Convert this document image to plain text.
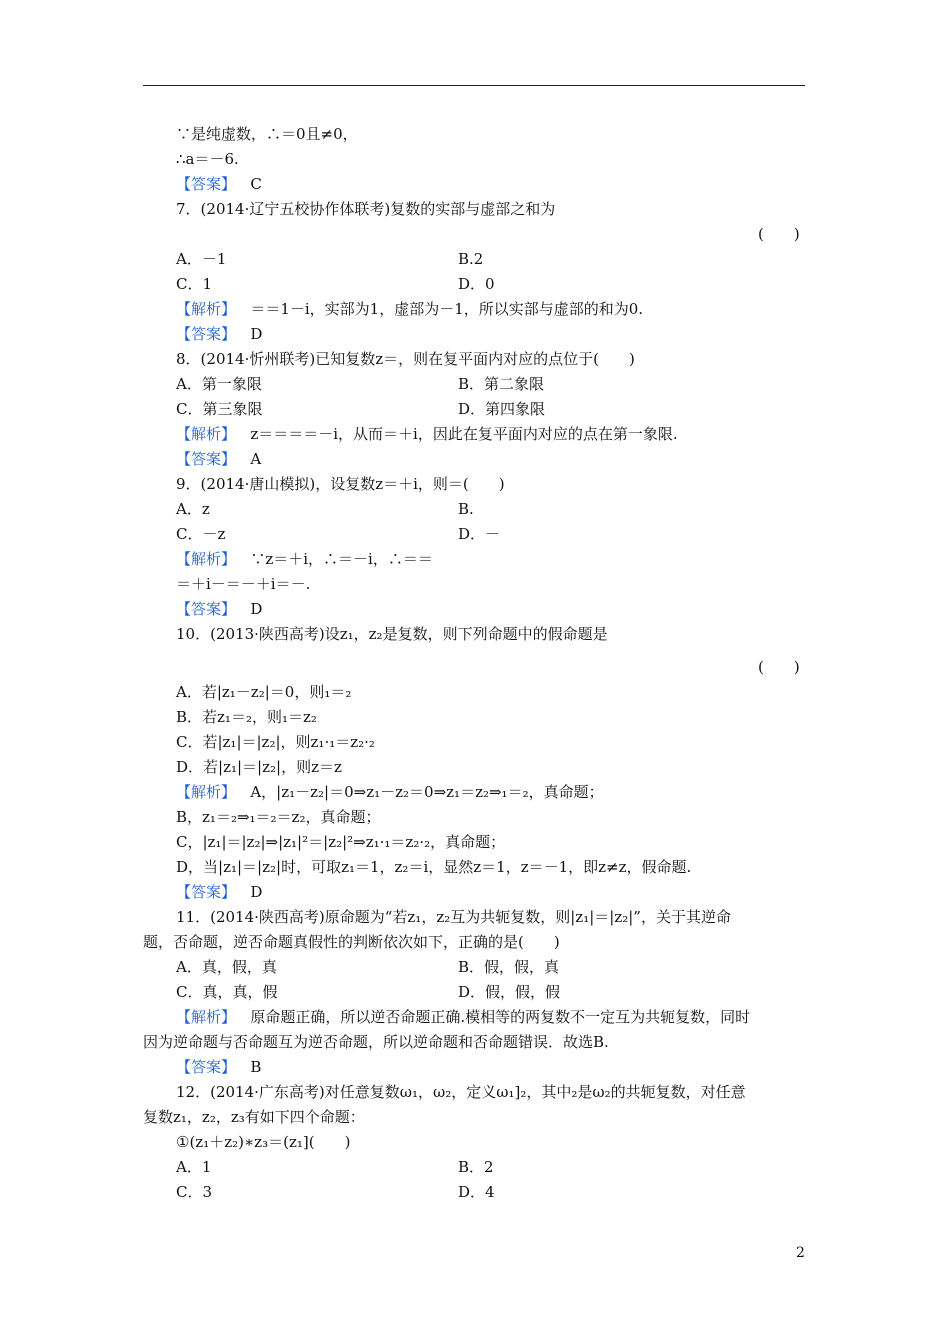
∵是纯虚数，∴＝0且≠0，
∴a＝－6.
【答案】 C
7．(2014·辽宁五校协作体联考)复数的实部与虚部之和为
A．－1
C．1
【解析】 ＝＝1－i，实部为1，虚部为－1，所以实部与虚部的和为0.
【答案】 D
8．(2014·忻州联考)已知复数z＝，则在复平面内对应的点位于(　　)
A．第一象限
C．第三象限
【解析】 z＝＝＝＝－i，从而＝＋i，因此在复平面内对应的点在第一象限.
【答案】 A
9．(2014·唐山模拟)，设复数z＝＋i，则＝(　　)
A．z
C．－z
【解析】 ∵z＝＋i，∴＝－i，∴＝＝
＝＋i－＝－＋i＝－.
【答案】 D
10．(2013·陕西高考)设z₁，z₂是复数，则下列命题中的假命题是
A．若|z₁－z₂|＝0，则₁＝₂
B．若z₁＝₂，则₁＝z₂
C．若|z₁|＝|z₂|，则z₁·₁＝z₂·₂
D．若|z₁|＝|z₂|，则z＝z
【解析】 A，|z₁－z₂|＝0⇒z₁－z₂＝0⇒z₁＝z₂⇒₁＝₂，真命题；
B，z₁＝₂⇒₁＝₂＝z₂，真命题；
C，|z₁|＝|z₂|⇒|z₁|²＝|z₂|²⇒z₁·₁＝z₂·₂，真命题；
D，当|z₁|＝|z₂|时，可取z₁＝1，z₂＝i，显然z＝1，z＝－1，即z≠z，假命题.
【答案】 D
11．(2014·陕西高考)原命题为“若z₁，z₂互为共轭复数，则|z₁|＝|z₂|”，关于其逆命
题，否命题，逆否命题真假性的判断依次如下，正确的是(　　)
A．真，假，真
C．真，真，假
【解析】 原命题正确，所以逆否命题正确.模相等的两复数不一定互为共轭复数，同时
因为逆命题与否命题互为逆否命题，所以逆命题和否命题错误．故选B.
【答案】 B
12．(2014·广东高考)对任意复数ω₁，ω₂，定义ω₁]₂，其中₂是ω₂的共轭复数，对任意
复数z₁，z₂，z₃有如下四个命题：
①(z₁＋z₂)∗z₃＝(z₁](　　)
A．1
C．3
B.2
D．0
B．第二象限
D．第四象限
B.
D．－
B．假，假，真
D．假，假，假
B．2
D．4
(　　)
(　　)
2
